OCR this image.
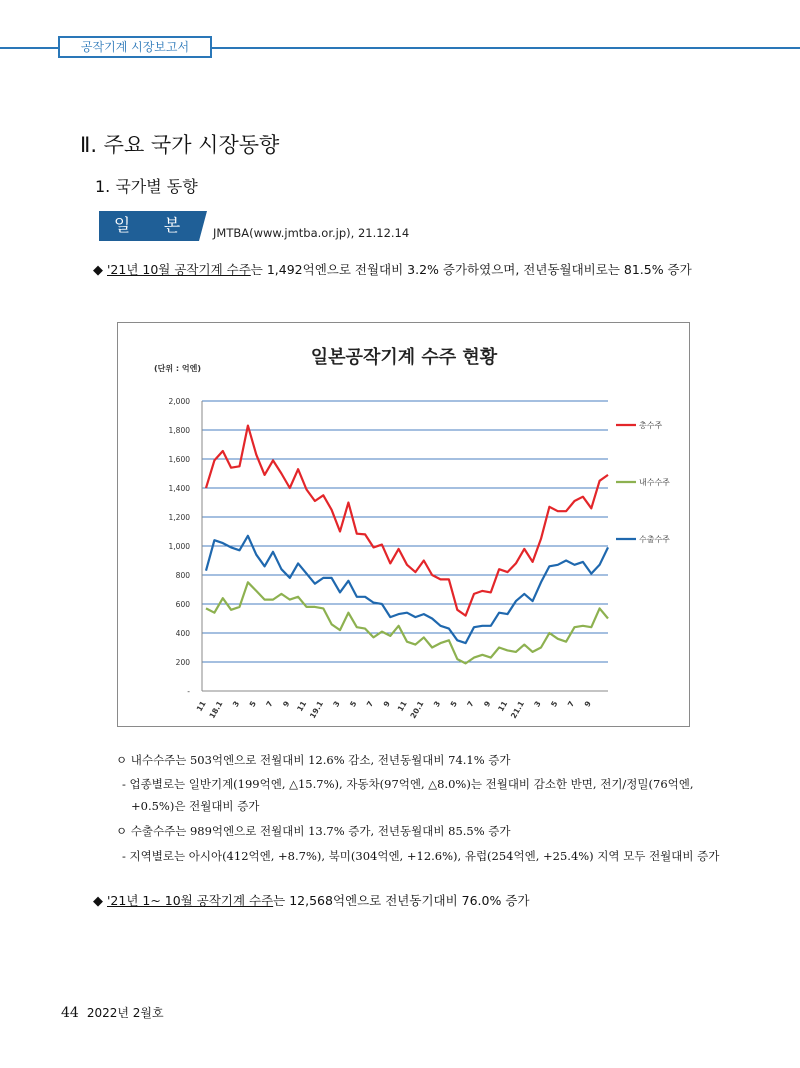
공작기계 시장보고서
Ⅱ. 주요 국가 시장동향
1. 국가별 동향
일 본	JMTBA(www.jmtba.or.jp), 21.12.14
◆ '21년 10월 공작기계 수주는 1,492억엔으로 전월대비 3.2% 증가하였으며, 전년동월대비로는 81.5% 증가
일본공작기계 수주 현황
(단위 : 억엔)
-
200
400
600
800
1,000
1,200
1,400
1,600
1,800
2,000
11 18.1 3 5 7 9 11 19.1 3 5 7 9 11 20.1 3 5 7 9 11 21.1 3 5 7 9
총수주
내수수주
수출수주
ㅇ 내수수주는 503억엔으로 전월대비 12.6% 감소, 전년동월대비 74.1% 증가
- 업종별로는 일반기계(199억엔, △15.7%), 자동차(97억엔, △8.0%)는 전월대비 감소한 반면, 전기/정밀(76억엔,
+0.5%)은 전월대비 증가
ㅇ 수출수주는 989억엔으로 전월대비 13.7% 증가, 전년동월대비 85.5% 증가
- 지역별로는 아시아(412억엔, +8.7%), 북미(304억엔, +12.6%), 유럽(254억엔, +25.4%) 지역 모두 전월대비 증가
◆ '21년 1~ 10월 공작기계 수주는 12,568억엔으로 전년동기대비 76.0% 증가
44 2022년 2월호
